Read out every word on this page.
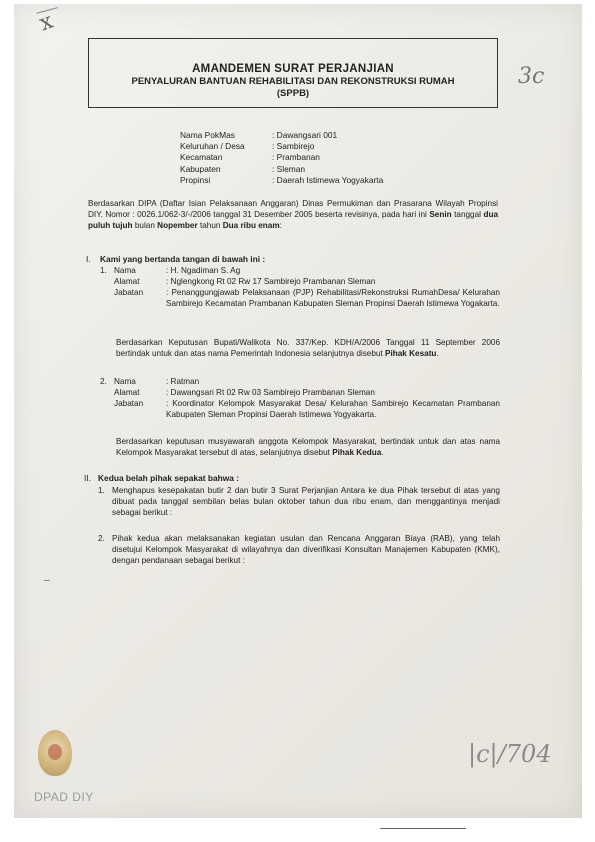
x
3c
AMANDEMEN SURAT PERJANJIAN
PENYALURAN BANTUAN REHABILITASI DAN REKONSTRUKSI RUMAH
(SPPB)
Nama PokMas	: Dawangsari 001
Keluruhan / Desa	: Sambirejo
Kecamatan	: Prambanan
Kabupaten	: Sleman
Propinsi	: Daerah Istimewa Yogyakarta
Berdasarkan DIPA (Daftar Isian Pelaksanaan Anggaran) Dinas Permukiman dan Prasarana Wilayah Propinsi DIY. Nomor : 0026.1/062-3/-/2006 tanggal 31 Desember 2005 beserta revisinya, pada hari ini Senin tanggal dua puluh tujuh bulan Nopember tahun Dua ribu enam:
I.	Kami yang bertanda tangan di bawah ini :
1. Nama	: H. Ngadiman S. Ag
Alamat	: Nglengkong Rt 02 Rw 17 Sambirejo Prambanan Sleman
Jabatan	: Penanggungjawab Pelaksanaan (PJP) Rehabilitasi/Rekonstruksi RumahDesa/ Kelurahan Sambirejo Kecamatan Prambanan Kabupaten Sleman Propinsi Daerah Istimewa Yogakarta.
Berdasarkan Keputusan Bupati/Walikota No. 337/Kep. KDH/A/2006 Tanggal 11 September 2006 bertindak untuk dan atas nama Pemerintah Indonesia selanjutnya disebut Pihak Kesatu.
2. Nama	: Ratman
Alamat	: Dawangsari Rt 02 Rw 03 Sambirejo Prambanan Sleman
Jabatan	: Koordinator Kelompok Masyarakat Desa/ Kelurahan Sambirejo Kecamatan Prambanan Kabupaten Sleman Propinsi Daerah Istimewa Yogyakarta.
Berdasarkan keputusan musyawarah anggota Kelompok Masyarakat, bertindak untuk dan atas nama Kelompok Masyarakat tersebut di atas, selanjutnya disebut Pihak Kedua.
II. Kedua belah pihak sepakat bahwa :
1. Menghapus kesepakatan butir 2 dan butir 3 Surat Perjanjian Antara ke dua Pihak tersebut di atas yang dibuat pada tanggal sembilan belas bulan oktober tahun dua ribu enam, dan menggantinya menjadi sebagai berikut :
2. Pihak kedua akan melaksanakan kegiatan usulan dan Rencana Anggaran Biaya (RAB), yang telah disetujui Kelompok Masyarakat di wilayahnya dan diverifikasi Konsultan Manajemen Kabupaten (KMK), dengan pendanaan sebagai berikut :
|c|/704
DPAD DIY
